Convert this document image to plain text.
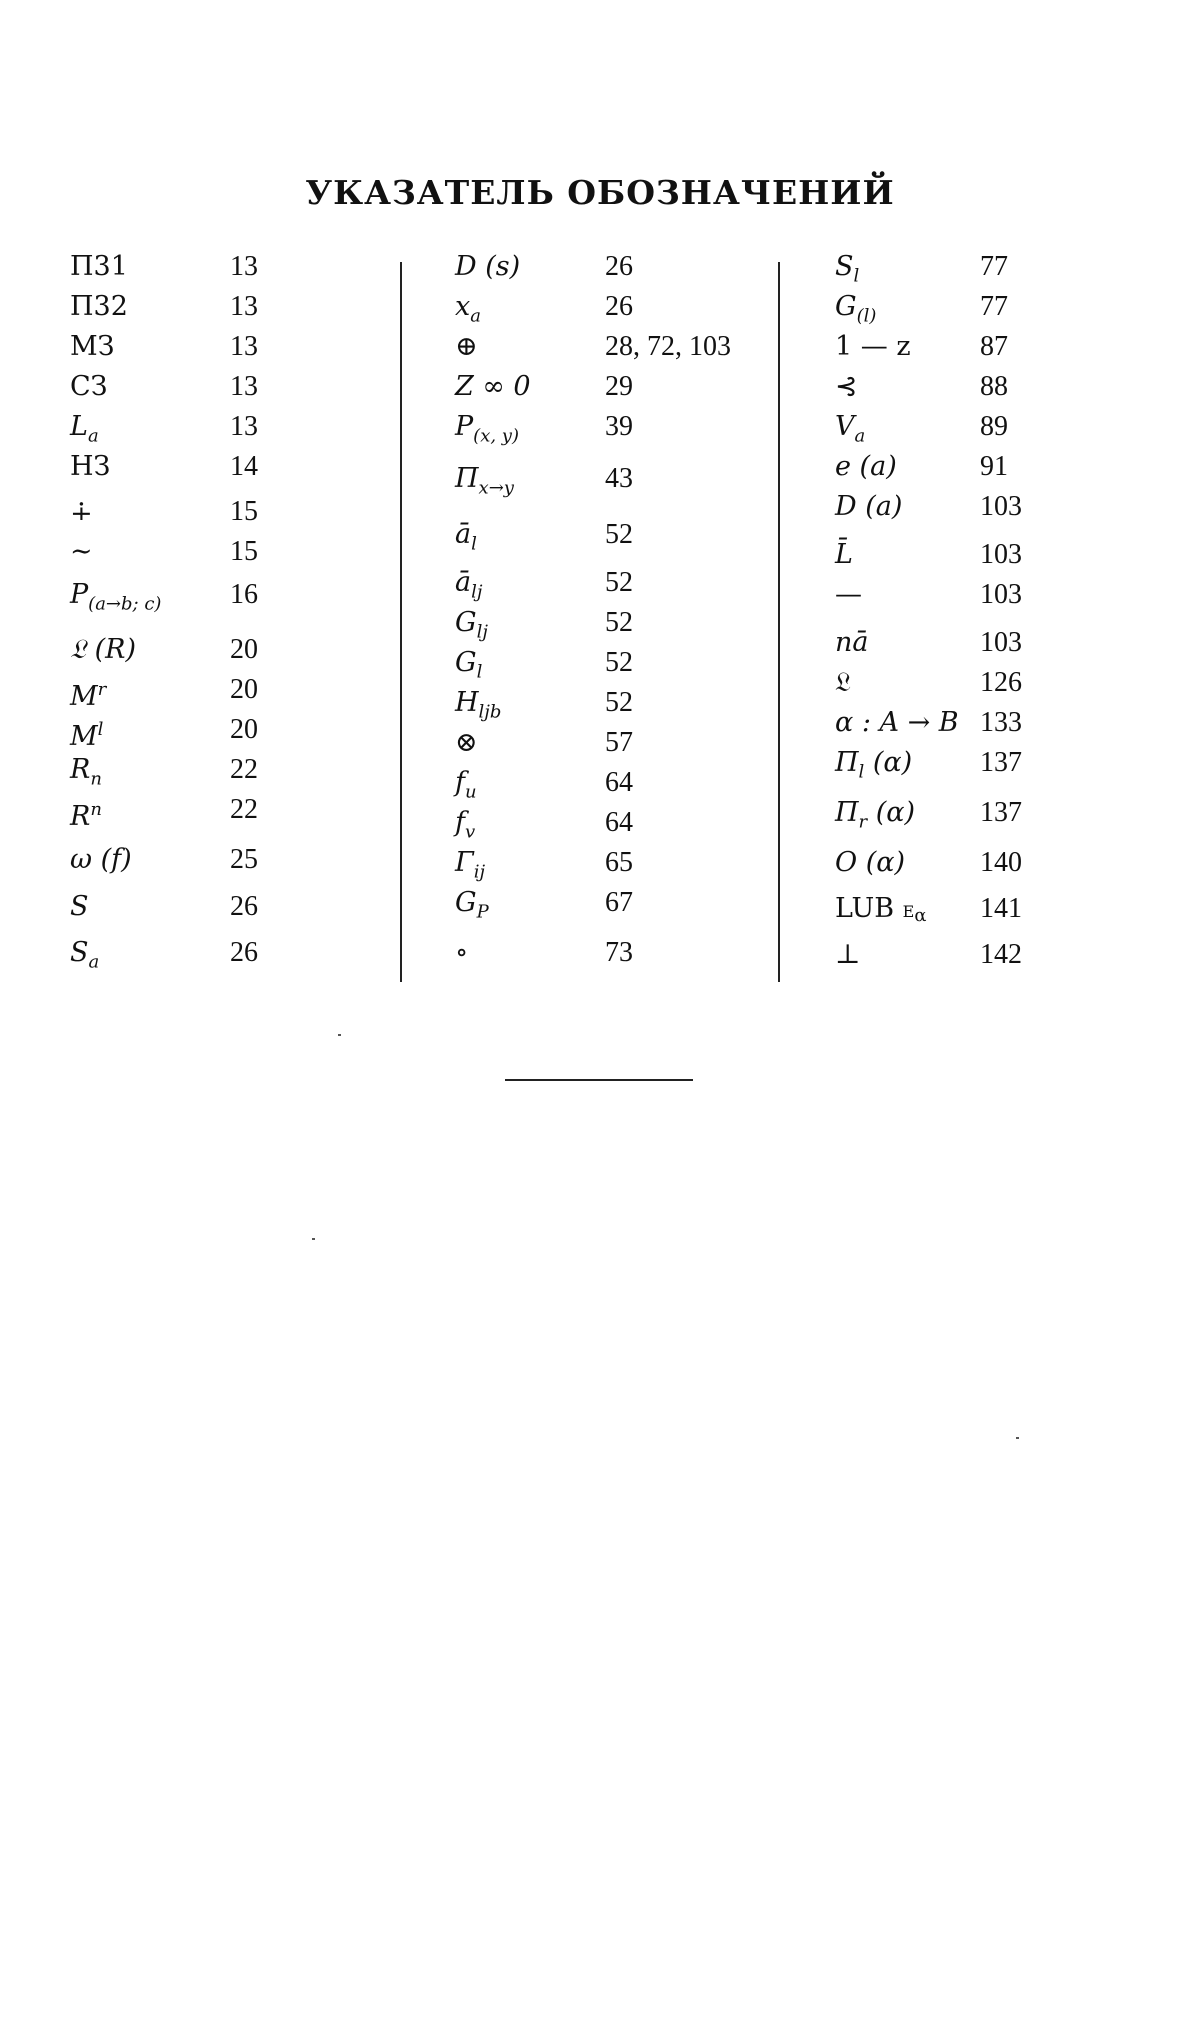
УКАЗАТЕЛЬ ОБОЗНАЧЕНИЙ
П31	13
П32	13
МЗ	13
СЗ	13
$L_a$	13
НЗ	14
∔	15
∼	15
$P_{(a\to b; c)}$ 16
𝔏 (R)	20
$M^r$	20
$M^l$	20
$R_n$	22
$R^n$	22
ω (f)	25
S	26
$S_a$	26
D (s)	26
$x_a$	26
⊕	28, 72, 103
Z ∞ 0	29
$P_{(x, y)}$	39
$\Pi_{x\to y}$	43
$ā_l$	52
$ā_{lj}$	52
$G_{lj}$	52
$G_l$	52
$H_{ljb}$	52
⊗	57
$f_u$	64
$f_v$	64
$\Gamma_{ij}$	65
$G_P$	67
∘	73
$S_l$	77
$G_{(l)}$	77
1 — z 87
⊰	88
$V_a$	89
e (a)	91
D (a)	103
L̄	103
—	103
nā	103
𝔏	126
α : A → B 133
$\Pi_l$ (α) 137
$\Pi_r$ (α) 137
O (α)	140
LUB $E_\alpha$ 141
⊥	142
